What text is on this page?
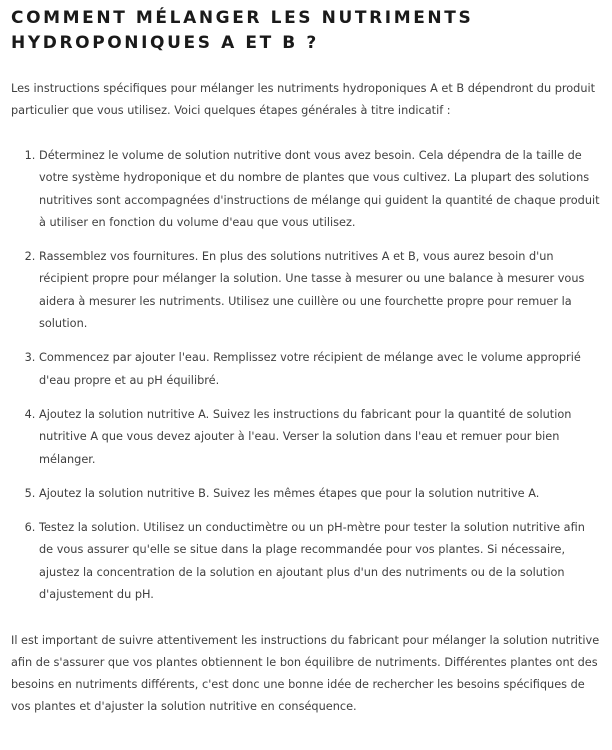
COMMENT MÉLANGER LES NUTRIMENTS HYDROPONIQUES A ET B ?

Les instructions spécifiques pour mélanger les nutriments hydroponiques A et B dépendront du produit particulier que vous utilisez. Voici quelques étapes générales à titre indicatif :

1. Déterminez le volume de solution nutritive dont vous avez besoin. Cela dépendra de la taille de votre système hydroponique et du nombre de plantes que vous cultivez. La plupart des solutions nutritives sont accompagnées d'instructions de mélange qui guident la quantité de chaque produit à utiliser en fonction du volume d'eau que vous utilisez.
2. Rassemblez vos fournitures. En plus des solutions nutritives A et B, vous aurez besoin d'un récipient propre pour mélanger la solution. Une tasse à mesurer ou une balance à mesurer vous aidera à mesurer les nutriments. Utilisez une cuillère ou une fourchette propre pour remuer la solution.
3. Commencez par ajouter l'eau. Remplissez votre récipient de mélange avec le volume approprié d'eau propre et au pH équilibré.
4. Ajoutez la solution nutritive A. Suivez les instructions du fabricant pour la quantité de solution nutritive A que vous devez ajouter à l'eau. Verser la solution dans l'eau et remuer pour bien mélanger.
5. Ajoutez la solution nutritive B. Suivez les mêmes étapes que pour la solution nutritive A.
6. Testez la solution. Utilisez un conductimètre ou un pH-mètre pour tester la solution nutritive afin de vous assurer qu'elle se situe dans la plage recommandée pour vos plantes. Si nécessaire, ajustez la concentration de la solution en ajoutant plus d'un des nutriments ou de la solution d'ajustement du pH.

Il est important de suivre attentivement les instructions du fabricant pour mélanger la solution nutritive afin de s'assurer que vos plantes obtiennent le bon équilibre de nutriments. Différentes plantes ont des besoins en nutriments différents, c'est donc une bonne idée de rechercher les besoins spécifiques de vos plantes et d'ajuster la solution nutritive en conséquence.
